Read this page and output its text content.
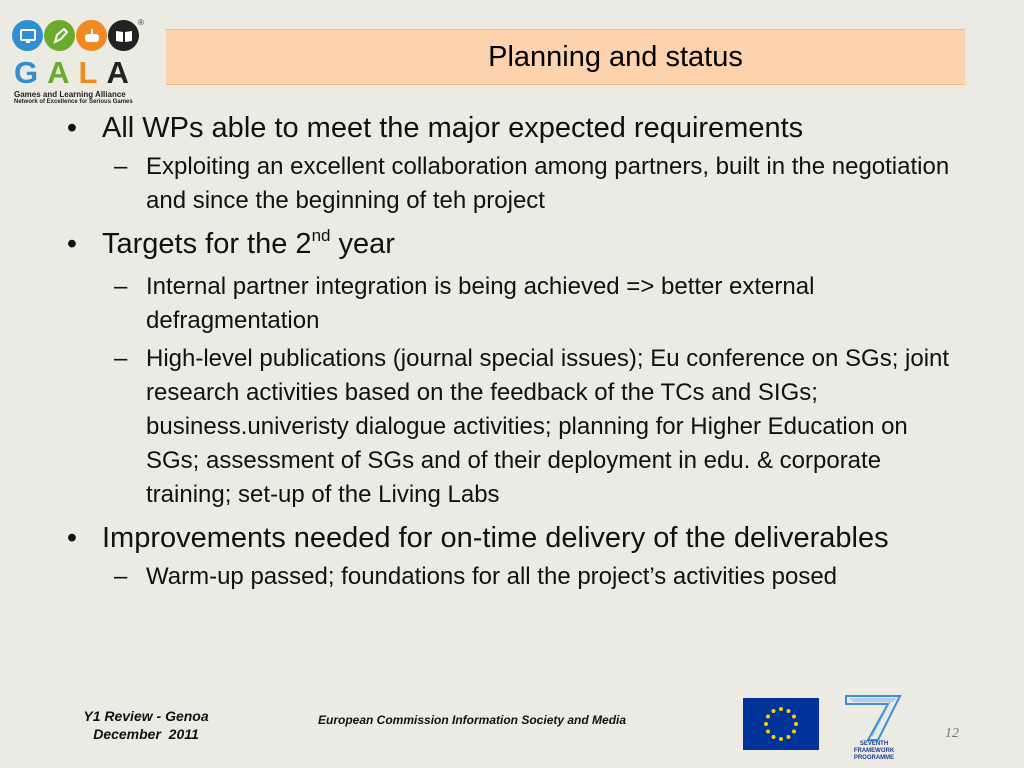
®
G A L A
Games and Learning Alliance
Network of Excellence for Serious Games
Planning and status
• All WPs able to meet the major expected requirements
– Exploiting an excellent collaboration among partners, built in the negotiation and since the beginning of teh project
• Targets for the 2nd year
– Internal partner integration is being achieved => better external defragmentation
– High-level publications (journal special issues); Eu conference on SGs; joint research activities based on the feedback of the TCs and SIGs; business.univeristy dialogue activities; planning for Higher Education on SGs; assessment of SGs and of their deployment in edu. & corporate training; set-up of the Living Labs
• Improvements needed for on-time delivery of the deliverables
– Warm-up passed; foundations for all the project’s activities posed
Y1 Review - Genoa
December  2011
European Commission Information Society and Media
SEVENTH FRAMEWORK
PROGRAMME
12
